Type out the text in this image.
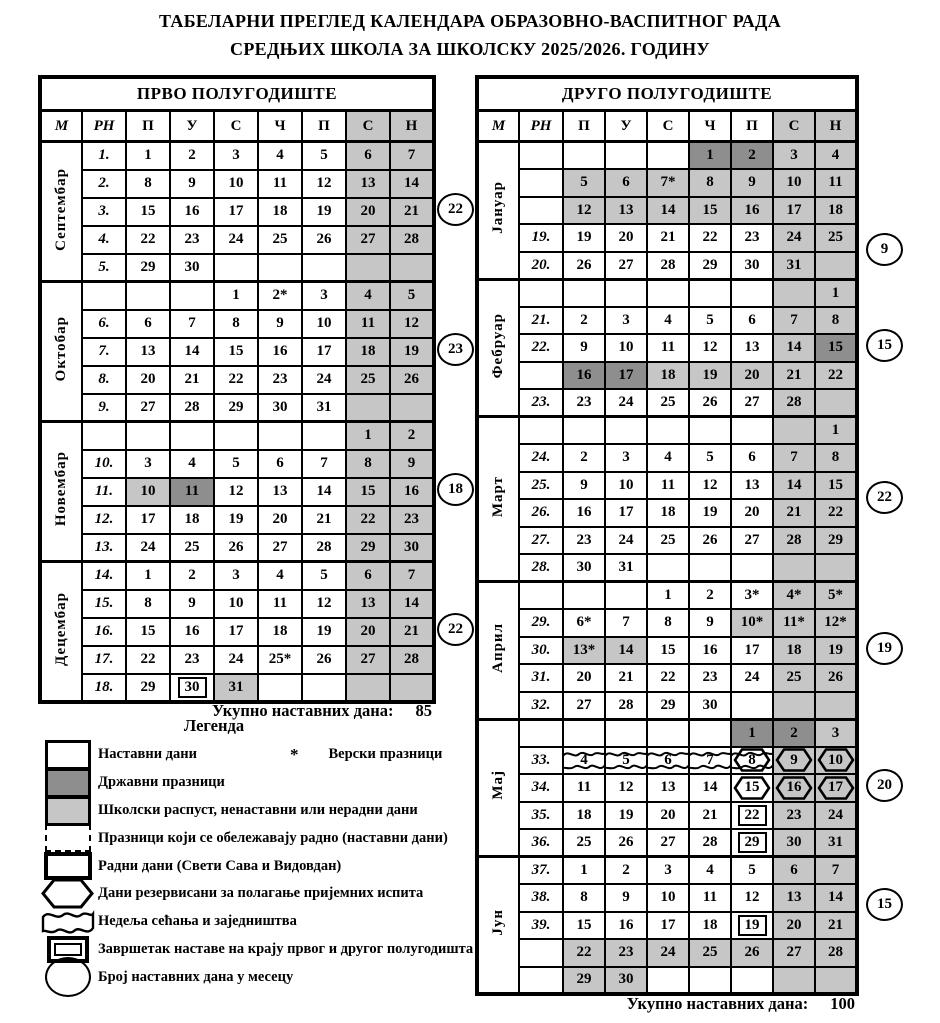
ТАБЕЛАРНИ ПРЕГЛЕД КАЛЕНДАРА ОБРАЗОВНО-ВАСПИТНОГ РАДА
СРЕДЊИХ ШКОЛА ЗА ШКОЛСКУ 2025/2026. ГОДИНУ
22
23
18
22
ПРВО ПОЛУГОДИШТЕ								
М	РН	П	У	С	Ч	П	С	Н
Септембар	1.	1	2	3	4	5	6	7
	2.	8	9	10	11	12	13	14
	3.	15	16	17	18	19	20	21
	4.	22	23	24	25	26	27	28
	5.	29	30					
Октобар				1	2*	3	4	5
	6.	6	7	8	9	10	11	12
	7.	13	14	15	16	17	18	19
	8.	20	21	22	23	24	25	26
	9.	27	28	29	30	31		
Новембар							1	2
	10.	3	4	5	6	7	8	9
	11.	10	11	12	13	14	15	16
	12.	17	18	19	20	21	22	23
	13.	24	25	26	27	28	29	30
Децембар	14.	1	2	3	4	5	6	7
	15.	8	9	10	11	12	13	14
	16.	15	16	17	18	19	20	21
	17.	22	23	24	25*	26	27	28
	18.	29	30	31				
9
15
22
19
20
15
ДРУГО ПОЛУГОДИШТЕ								
М	РН	П	У	С	Ч	П	С	Н
Јануар					1	2	3	4
		5	6	7*	8	9	10	11
		12	13	14	15	16	17	18
	19.	19	20	21	22	23	24	25
	20.	26	27	28	29	30	31	
Фебруар								1
	21.	2	3	4	5	6	7	8
	22.	9	10	11	12	13	14	15
		16	17	18	19	20	21	22
	23.	23	24	25	26	27	28	
Март								1
	24.	2	3	4	5	6	7	8
	25.	9	10	11	12	13	14	15
	26.	16	17	18	19	20	21	22
	27.	23	24	25	26	27	28	29
	28.	30	31					
Април				1	2	3*	4*	5*
	29.	6*	7	8	9	10*	11*	12*
	30.	13*	14	15	16	17	18	19
	31.	20	21	22	23	24	25	26
	32.	27	28	29	30			
Мај						1	2	3
	33.	4	5	6	7	8	9	10
	34.	11	12	13	14	15	16	17
	35.	18	19	20	21	22	23	24
	36.	25	26	27	28	29	30	31
Јун	37.	1	2	3	4	5	6	7
	38.	8	9	10	11	12	13	14
	39.	15	16	17	18	19	20	21
		22	23	24	25	26	27	28
		29	30					
Укупно наставних дана: 85
Укупно наставних дана: 100
Легенда
Наставни дани	* Верски празници
Државни празници
Школски распуст, ненаставни или нерадни дани
Празници који се обележавају радно (наставни дани)
Радни дани (Свети Сава и Видовдан)
Дани резервисани за полагање пријемних испита
Недеља сећања и заједништва
Завршетак наставе на крају првог и другог полугодишта
Број наставних дана у месецу
